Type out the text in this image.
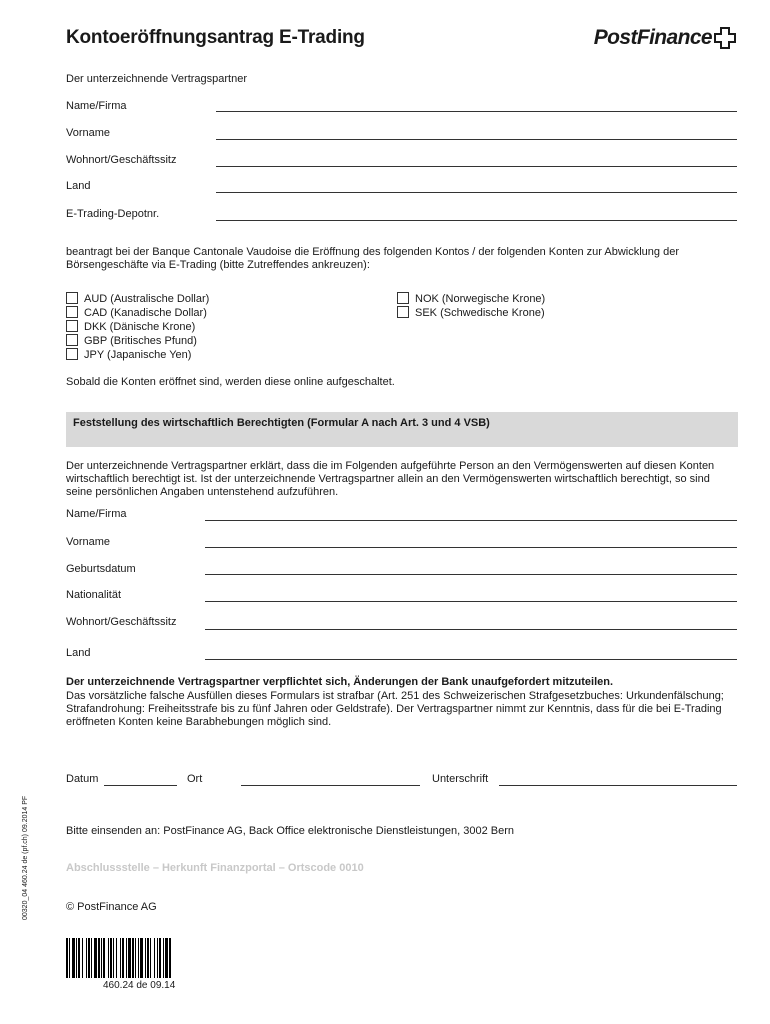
Kontoeröffnungsantrag E-Trading	PostFinance
Der unterzeichnende Vertragspartner
Name/Firma
Vorname
Wohnort/Geschäftssitz
Land
E-Trading-Depotnr.
beantragt bei der Banque Cantonale Vaudoise die Eröffnung des folgenden Kontos / der folgenden Konten zur Abwicklung der Börsengeschäfte via E-Trading (bitte Zutreffendes ankreuzen):
AUD (Australische Dollar)
CAD (Kanadische Dollar)
DKK (Dänische Krone)
GBP (Britisches Pfund)
JPY (Japanische Yen)
NOK (Norwegische Krone)
SEK (Schwedische Krone)
Sobald die Konten eröffnet sind, werden diese online aufgeschaltet.
Feststellung des wirtschaftlich Berechtigten (Formular A nach Art. 3 und 4 VSB)
Der unterzeichnende Vertragspartner erklärt, dass die im Folgenden aufgeführte Person an den Vermögenswerten auf diesen Konten wirtschaftlich berechtigt ist. Ist der unterzeichnende Vertragspartner allein an den Vermögenswerten wirtschaftlich berechtigt, so sind seine persönlichen Angaben untenstehend aufzuführen.
Name/Firma
Vorname
Geburtsdatum
Nationalität
Wohnort/Geschäftssitz
Land
Der unterzeichnende Vertragspartner verpflichtet sich, Änderungen der Bank unaufgefordert mitzuteilen.
Das vorsätzliche falsche Ausfüllen dieses Formulars ist strafbar (Art. 251 des Schweizerischen Strafgesetzbuches: Urkundenfälschung; Strafandrohung: Freiheitsstrafe bis zu fünf Jahren oder Geldstrafe). Der Vertragspartner nimmt zur Kenntnis, dass für die bei E-Trading eröffneten Konten keine Barabhebungen möglich sind.
Datum	Ort	Unterschrift
Bitte einsenden an: PostFinance AG, Back Office elektronische Dienstleistungen, 3002 Bern
Abschlussstelle – Herkunft Finanzportal – Ortscode 0010
© PostFinance AG
00320_04 460.24 de (pf.ch) 09.2014 PF
460.24 de 09.14
